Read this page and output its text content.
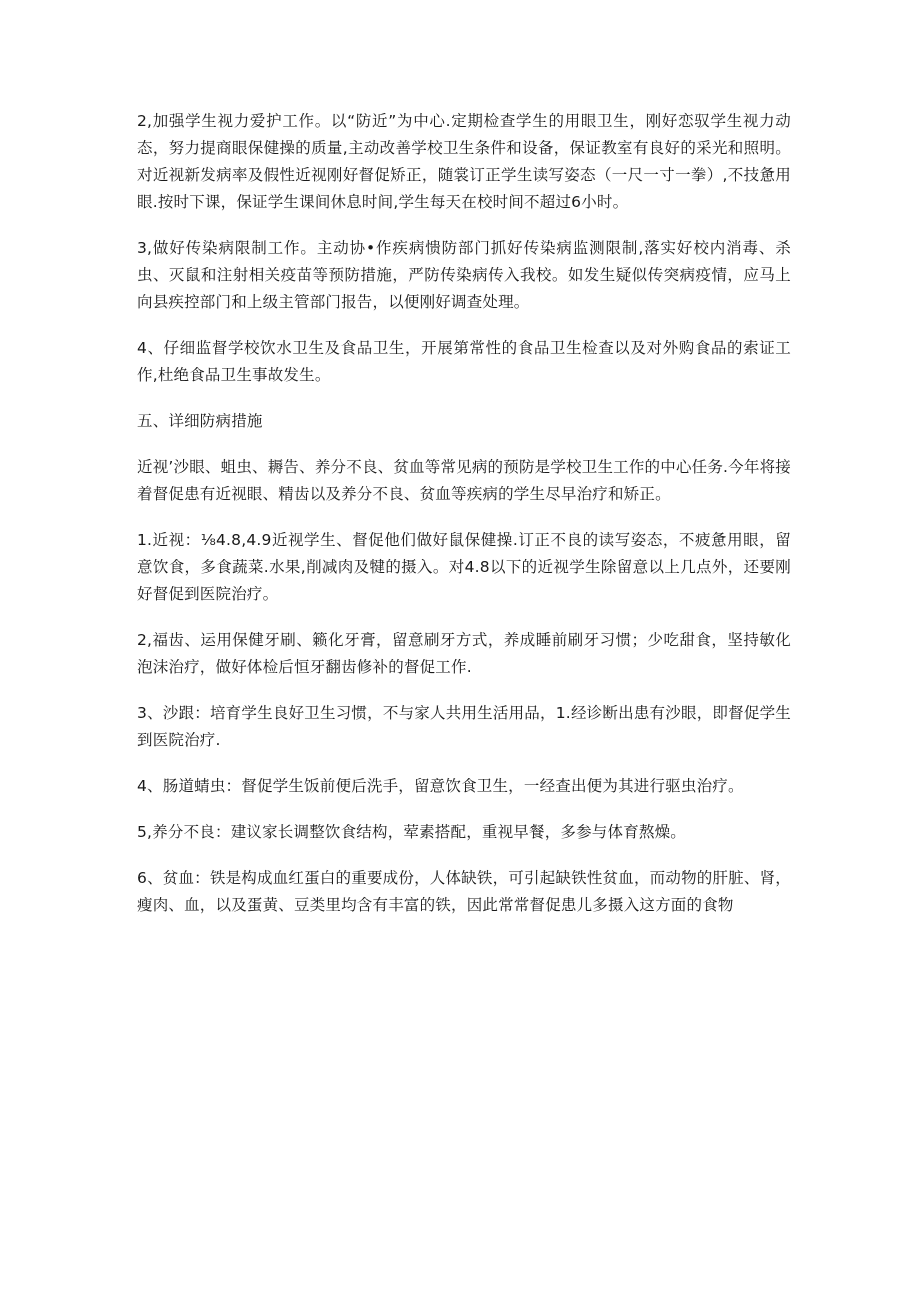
2,加强学生视力爱护工作。以“防近”为中心.定期检查学生的用眼卫生，刚好恋驭学生视力动态，努力提商眼保健操的质量,主动改善学校卫生条件和设备，保证教室有良好的采光和照明。对近视新发病率及假性近视刚好督促矫正，随裳订正学生读写姿态（一尺一寸一拳）,不技惫用眼.按时下课，保证学生课间休息时间,学生每天在校时间不超过6小时。

3,做好传染病限制工作。主动协•作疾病愦防部门抓好传染病监测限制,落实好校内消毒、杀虫、灭鼠和注射相关疫苗等预防措施，严防传染病传入我校。如发生疑似传突病疫情，应马上向县疾控部门和上级主管部门报告，以便刚好调查处理。

4、仔细监督学校饮水卫生及食品卫生，开展第常性的食品卫生检查以及对外购食品的索证工作,杜绝食品卫生事故发生。

五、详细防病措施

近视’沙眼、蛆虫、耨告、养分不良、贫血等常见病的预防是学校卫生工作的中心任务.今年将接着督促患有近视眼、精齿以及养分不良、贫血等疾病的学生尽早治疗和矫正。

1.近视：⅛4.8,4.9近视学生、督促他们做好鼠保健操.订正不良的读写姿态，不疲惫用眼，留意饮食，多食蔬菜.水果,削减肉及犍的摄入。对4.8以下的近视学生除留意以上几点外，还要刚好督促到医院治疗。

2,福齿、运用保健牙刷、籁化牙膏，留意刷牙方式，养成睡前刷牙习惯；少吃甜食，坚持敏化泡沫治疗，做好体检后恒牙翻齿修补的督促工作.

3、沙跟：培育学生良好卫生习惯，不与家人共用生活用品，1.经诊断出患有沙眼，即督促学生到医院治疗.

4、肠道蜻虫：督促学生饭前便后洗手，留意饮食卫生，一经查出便为其进行驱虫治疗。

5,养分不良：建议家长调整饮食结构，荤素搭配，重视早餐，多参与体育熬燥。

6、贫血：铁是构成血红蛋白的重要成份，人体缺铁，可引起缺铁性贫血，而动物的肝脏、肾，瘦肉、血，以及蛋黄、豆类里均含有丰富的铁，因此常常督促患儿多摄入这方面的食物
